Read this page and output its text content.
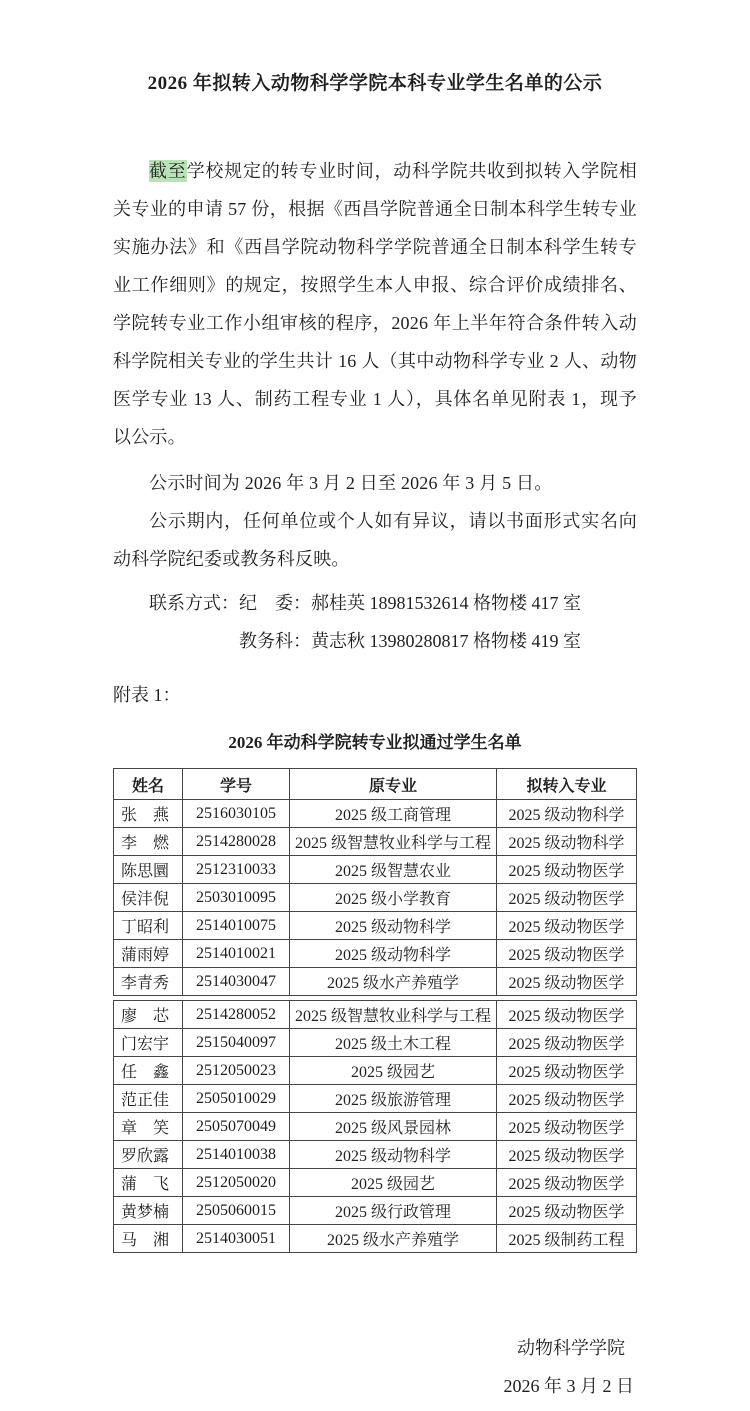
2026 年拟转入动物科学学院本科专业学生名单的公示

截至学校规定的转专业时间，动科学院共收到拟转入学院相关专业的申请 57 份，根据《西昌学院普通全日制本科学生转专业实施办法》和《西昌学院动物科学学院普通全日制本科学生转专业工作细则》的规定，按照学生本人申报、综合评价成绩排名、学院转专业工作小组审核的程序，2026 年上半年符合条件转入动科学院相关专业的学生共计 16 人（其中动物科学专业 2 人、动物医学专业 13 人、制药工程专业 1 人），具体名单见附表 1，现予以公示。

公示时间为 2026 年 3 月 2 日至 2026 年 3 月 5 日。

公示期内，任何单位或个人如有异议，请以书面形式实名向动科学院纪委或教务科反映。

联系方式：纪　委：郝桂英 18981532614 格物楼 417 室

教务科：黄志秋 13980280817 格物楼 419 室

附表 1：

2026 年动科学院转专业拟通过学生名单
姓名	学号	原专业	拟转入专业
张　燕	2516030105	2025 级工商管理	2025 级动物科学
李　燃	2514280028	2025 级智慧牧业科学与工程	2025 级动物科学
陈思圜	2512310033	2025 级智慧农业	2025 级动物医学
侯沣倪	2503010095	2025 级小学教育	2025 级动物医学
丁昭利	2514010075	2025 级动物科学	2025 级动物医学
蒲雨婷	2514010021	2025 级动物科学	2025 级动物医学
李青秀	2514030047	2025 级水产养殖学	2025 级动物医学
廖　芯	2514280052	2025 级智慧牧业科学与工程	2025 级动物医学
门宏宇	2515040097	2025 级土木工程	2025 级动物医学
任　鑫	2512050023	2025 级园艺	2025 级动物医学
范正佳	2505010029	2025 级旅游管理	2025 级动物医学
章　笑	2505070049	2025 级风景园林	2025 级动物医学
罗欣露	2514010038	2025 级动物科学	2025 级动物医学
蒲　飞	2512050020	2025 级园艺	2025 级动物医学
黄梦楠	2505060015	2025 级行政管理	2025 级动物医学
马　湘	2514030051	2025 级水产养殖学	2025 级制药工程

动物科学学院

2026 年 3 月 2 日
